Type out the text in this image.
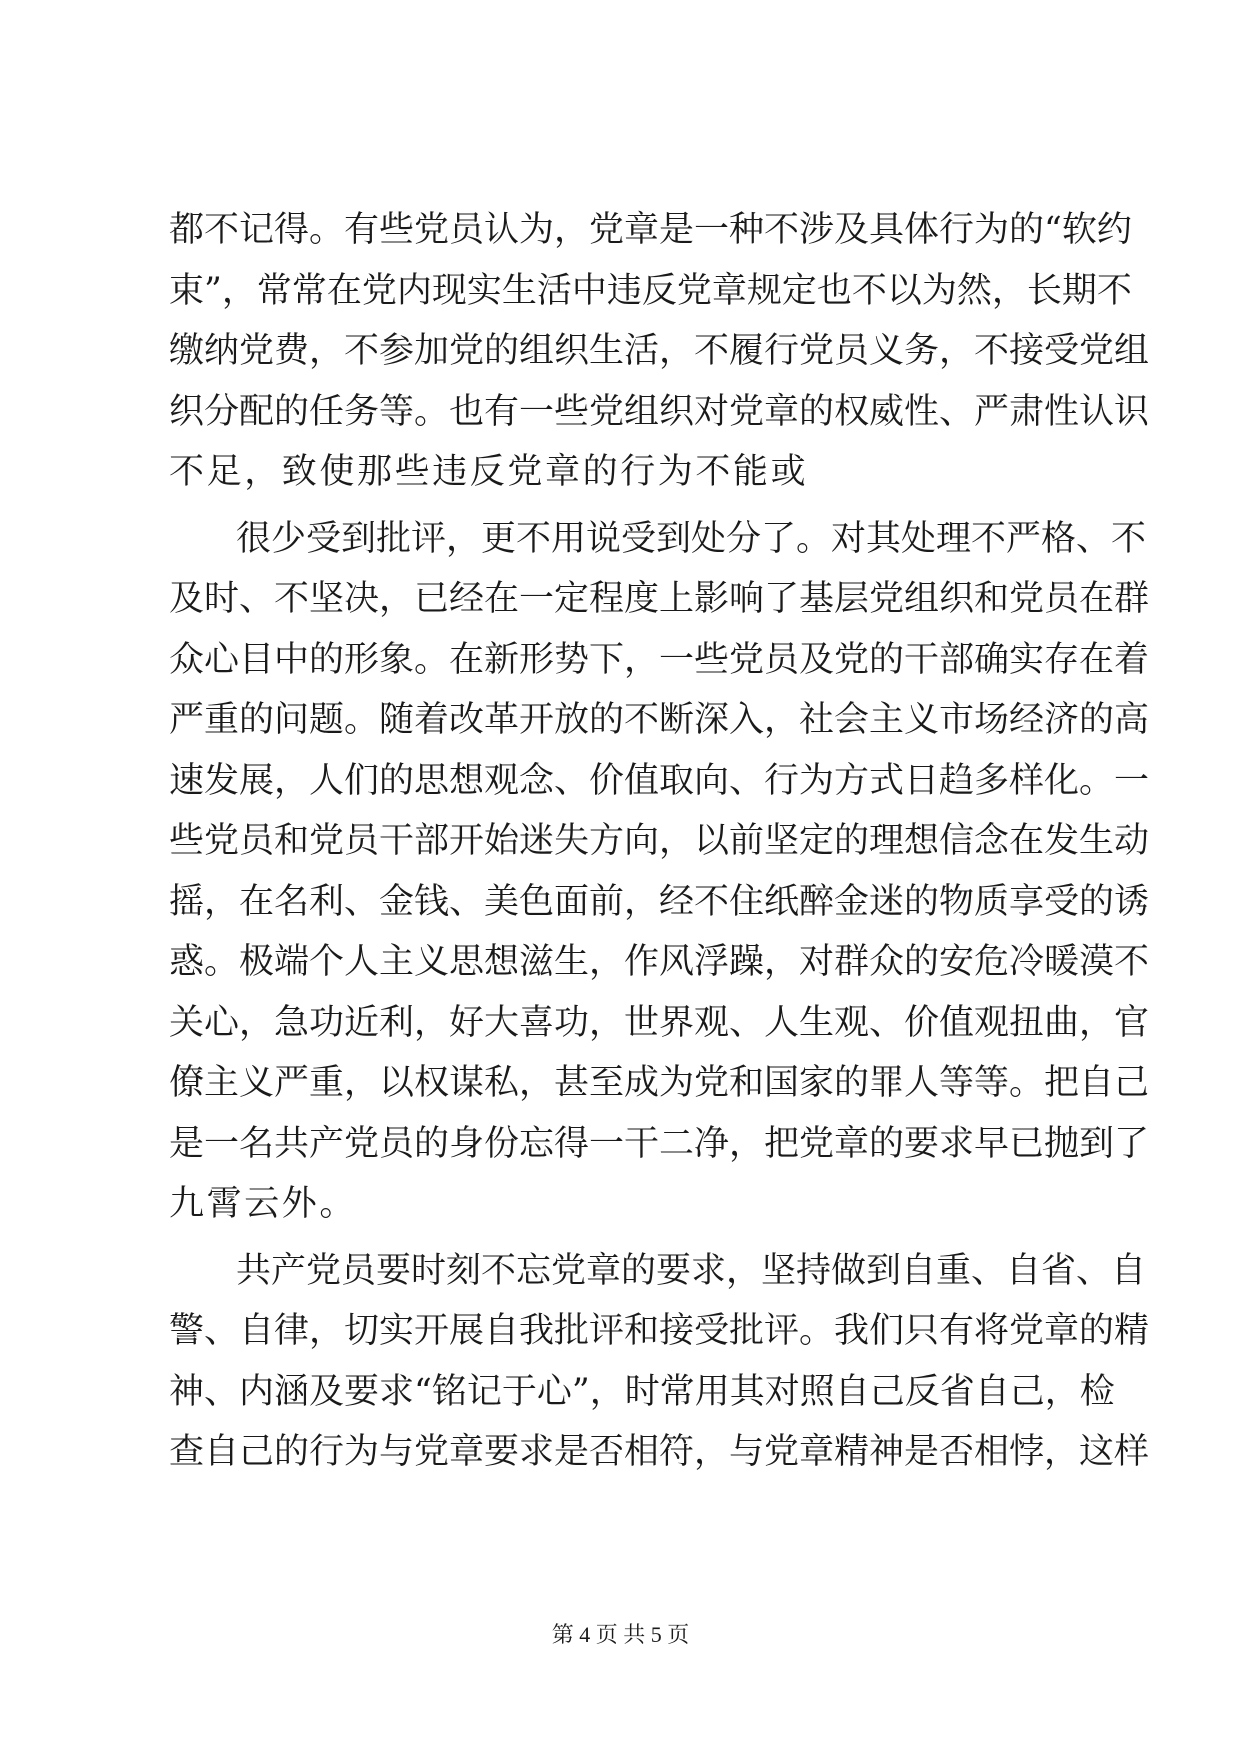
都不记得。有些党员认为，党章是一种不涉及具体行为的“软约
束”，常常在党内现实生活中违反党章规定也不以为然，长期不
缴纳党费，不参加党的组织生活，不履行党员义务，不接受党组
织分配的任务等。也有一些党组织对党章的权威性、严肃性认识
不足，致使那些违反党章的行为不能或
很少受到批评，更不用说受到处分了。对其处理不严格、不
及时、不坚决，已经在一定程度上影响了基层党组织和党员在群
众心目中的形象。在新形势下，一些党员及党的干部确实存在着
严重的问题。随着改革开放的不断深入，社会主义市场经济的高
速发展，人们的思想观念、价值取向、行为方式日趋多样化。一
些党员和党员干部开始迷失方向，以前坚定的理想信念在发生动
摇，在名利、金钱、美色面前，经不住纸醉金迷的物质享受的诱
惑。极端个人主义思想滋生，作风浮躁，对群众的安危冷暖漠不
关心，急功近利，好大喜功，世界观、人生观、价值观扭曲，官
僚主义严重，以权谋私，甚至成为党和国家的罪人等等。把自己
是一名共产党员的身份忘得一干二净，把党章的要求早已抛到了
九霄云外。
共产党员要时刻不忘党章的要求，坚持做到自重、自省、自
警、自律，切实开展自我批评和接受批评。我们只有将党章的精
神、内涵及要求“铭记于心”，时常用其对照自己反省自己，检
查自己的行为与党章要求是否相符，与党章精神是否相悖，这样
第 4 页 共 5 页
